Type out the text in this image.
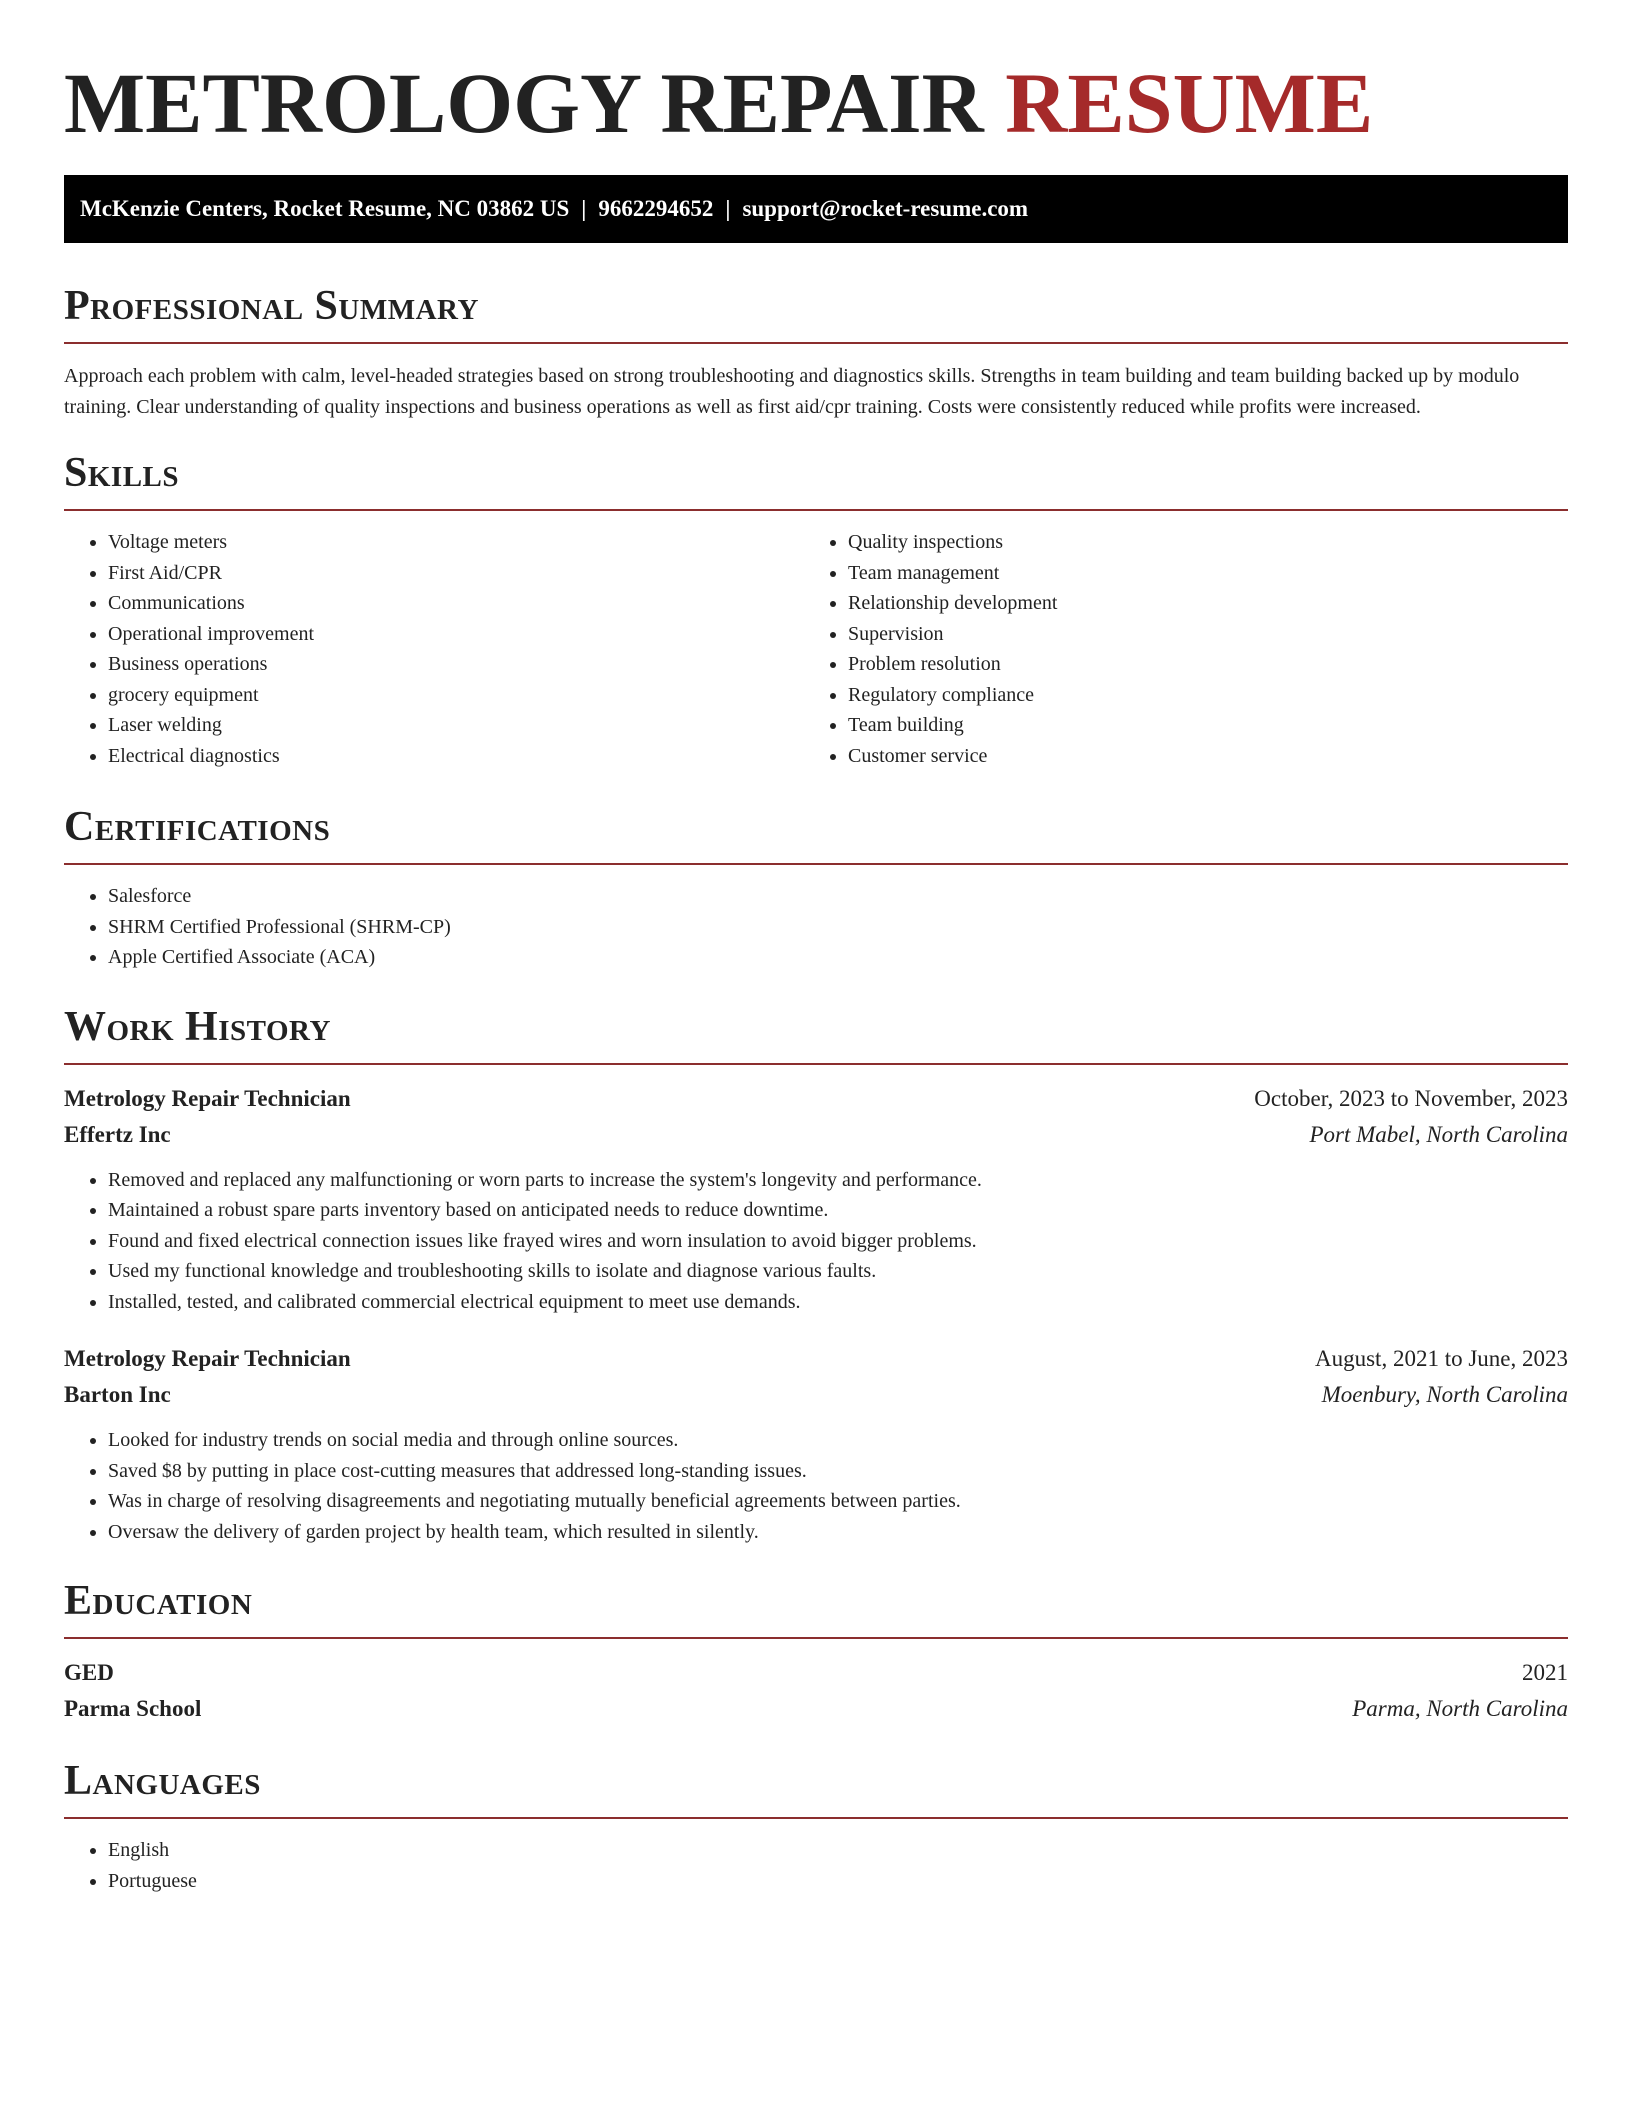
METROLOGY REPAIR RESUME
McKenzie Centers, Rocket Resume, NC 03862 US | 9662294652 | support@rocket-resume.com
Professional Summary

Approach each problem with calm, level-headed strategies based on strong troubleshooting and diagnostics skills. Strengths in team building and team building backed up by modulo training. Clear understanding of quality inspections and business operations as well as first aid/cpr training. Costs were consistently reduced while profits were increased.

Skills
• Voltage meters
• First Aid/CPR
• Communications
• Operational improvement
• Business operations
• grocery equipment
• Laser welding
• Electrical diagnostics
• Quality inspections
• Team management
• Relationship development
• Supervision
• Problem resolution
• Regulatory compliance
• Team building
• Customer service
Certifications
• Salesforce
• SHRM Certified Professional (SHRM-CP)
• Apple Certified Associate (ACA)
Work History
Metrology Repair Technician	October, 2023 to November, 2023
Effertz Inc	Port Mabel, North Carolina
• Removed and replaced any malfunctioning or worn parts to increase the system's longevity and performance.
• Maintained a robust spare parts inventory based on anticipated needs to reduce downtime.
• Found and fixed electrical connection issues like frayed wires and worn insulation to avoid bigger problems.
• Used my functional knowledge and troubleshooting skills to isolate and diagnose various faults.
• Installed, tested, and calibrated commercial electrical equipment to meet use demands.
Metrology Repair Technician	August, 2021 to June, 2023
Barton Inc	Moenbury, North Carolina
• Looked for industry trends on social media and through online sources.
• Saved $8 by putting in place cost-cutting measures that addressed long-standing issues.
• Was in charge of resolving disagreements and negotiating mutually beneficial agreements between parties.
• Oversaw the delivery of garden project by health team, which resulted in silently.
Education
GED	2021
Parma School	Parma, North Carolina
Languages
• English
• Portuguese
